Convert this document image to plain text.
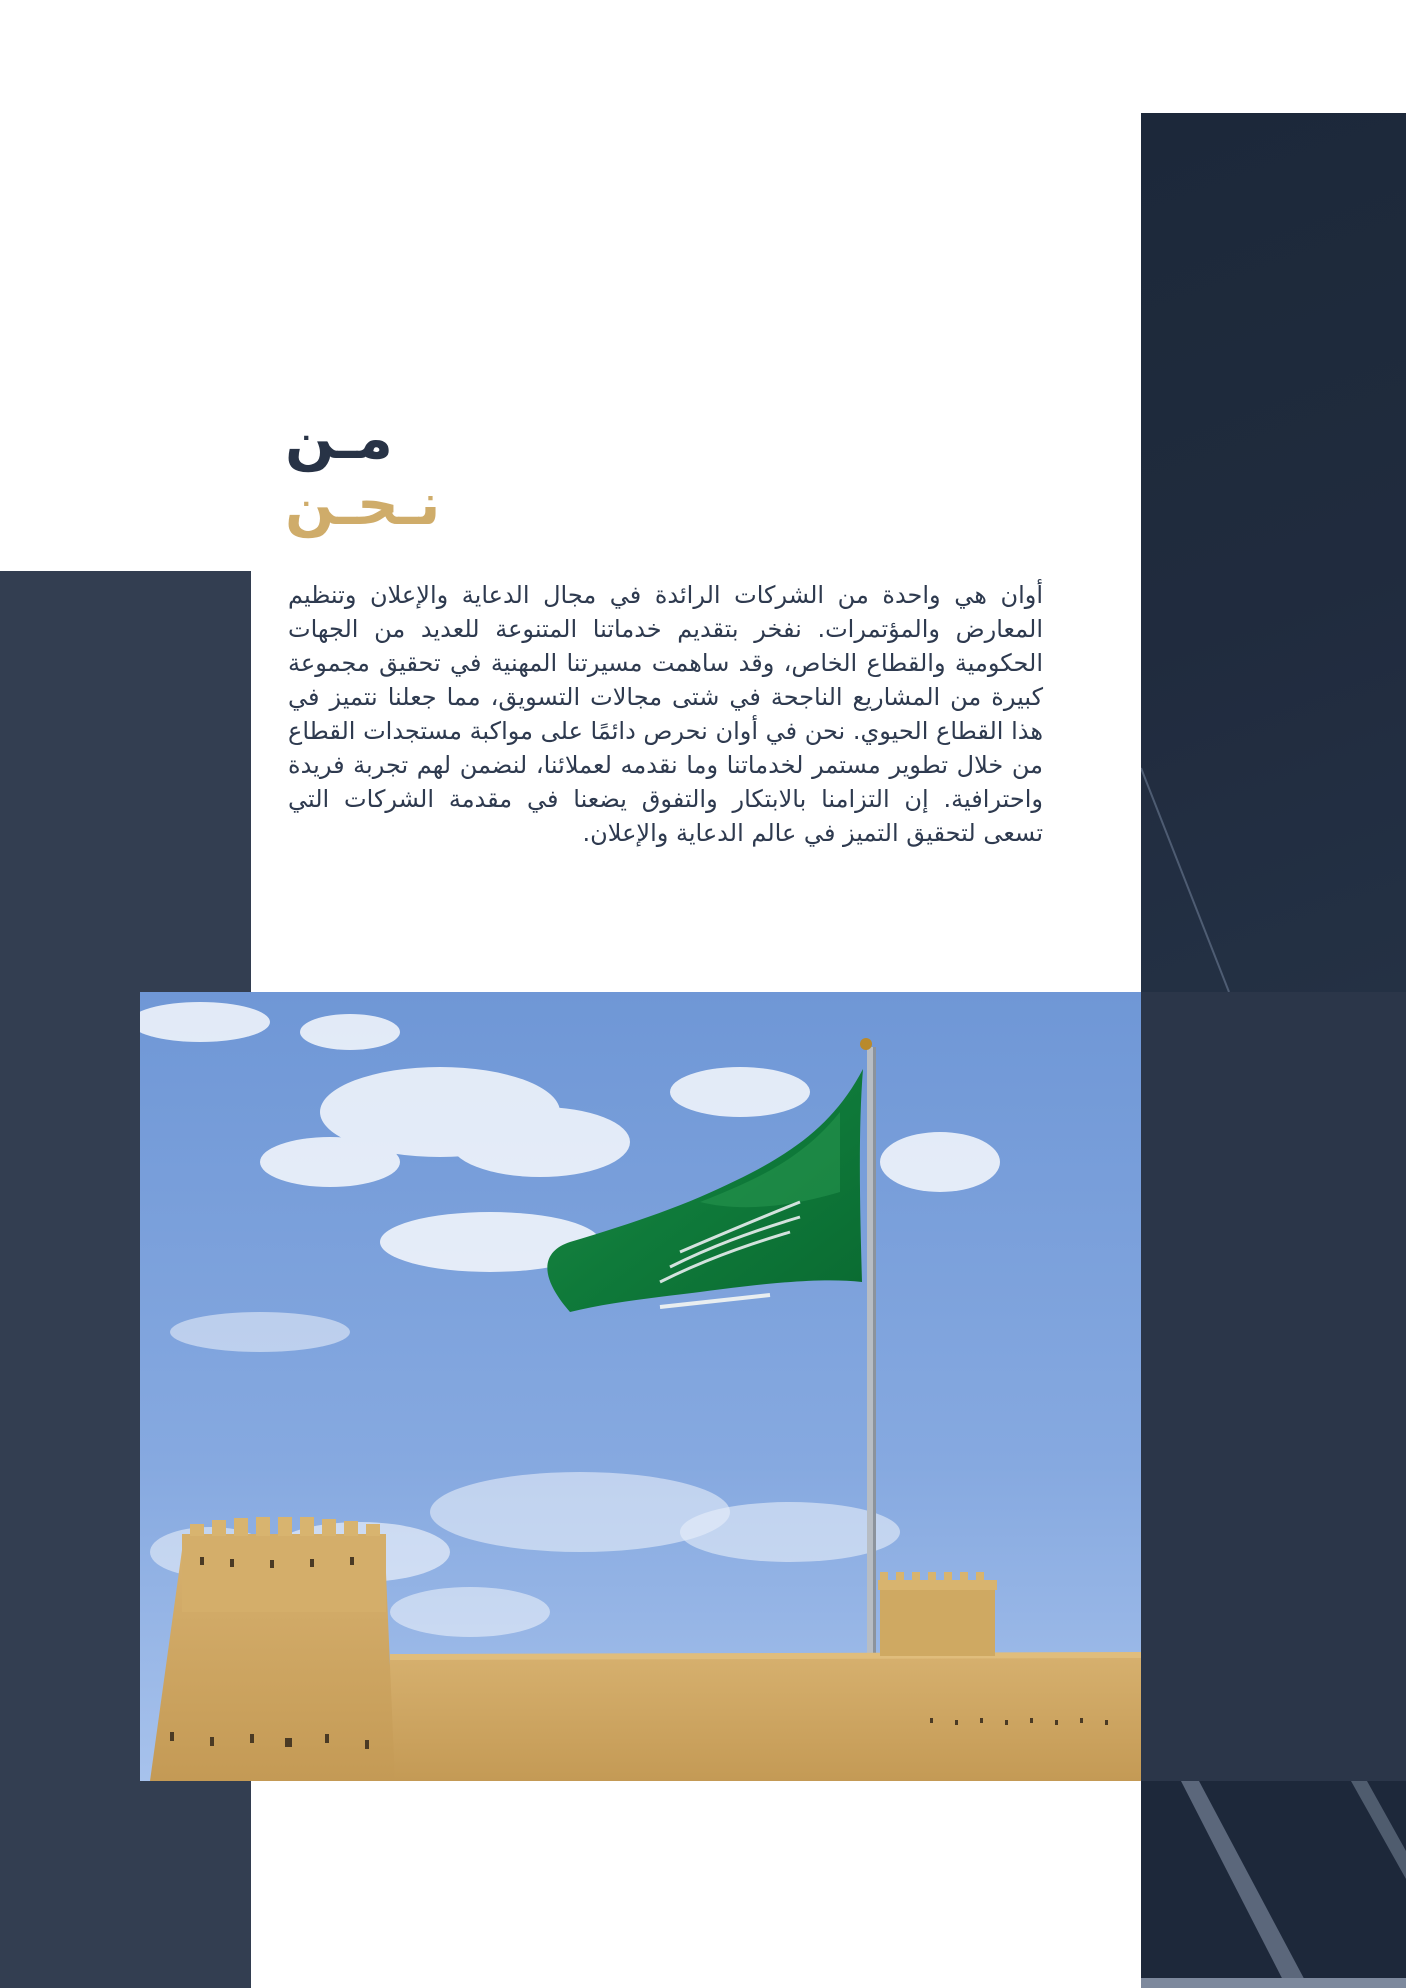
مـن
نـحـن

أوان هي واحدة من الشركات الرائدة في مجال الدعاية والإعلان وتنظيم المعارض والمؤتمرات. نفخر بتقديم خدماتنا المتنوعة للعديد من الجهات الحكومية والقطاع الخاص، وقد ساهمت مسيرتنا المهنية في تحقيق مجموعة كبيرة من المشاريع الناجحة في شتى مجالات التسويق، مما جعلنا نتميز في هذا القطاع الحيوي. نحن في أوان نحرص دائمًا على مواكبة مستجدات القطاع من خلال تطوير مستمر لخدماتنا وما نقدمه لعملائنا، لنضمن لهم تجربة فريدة واحترافية. إن التزامنا بالابتكار والتفوق يضعنا في مقدمة الشركات التي تسعى لتحقيق التميز في عالم الدعاية والإعلان.
